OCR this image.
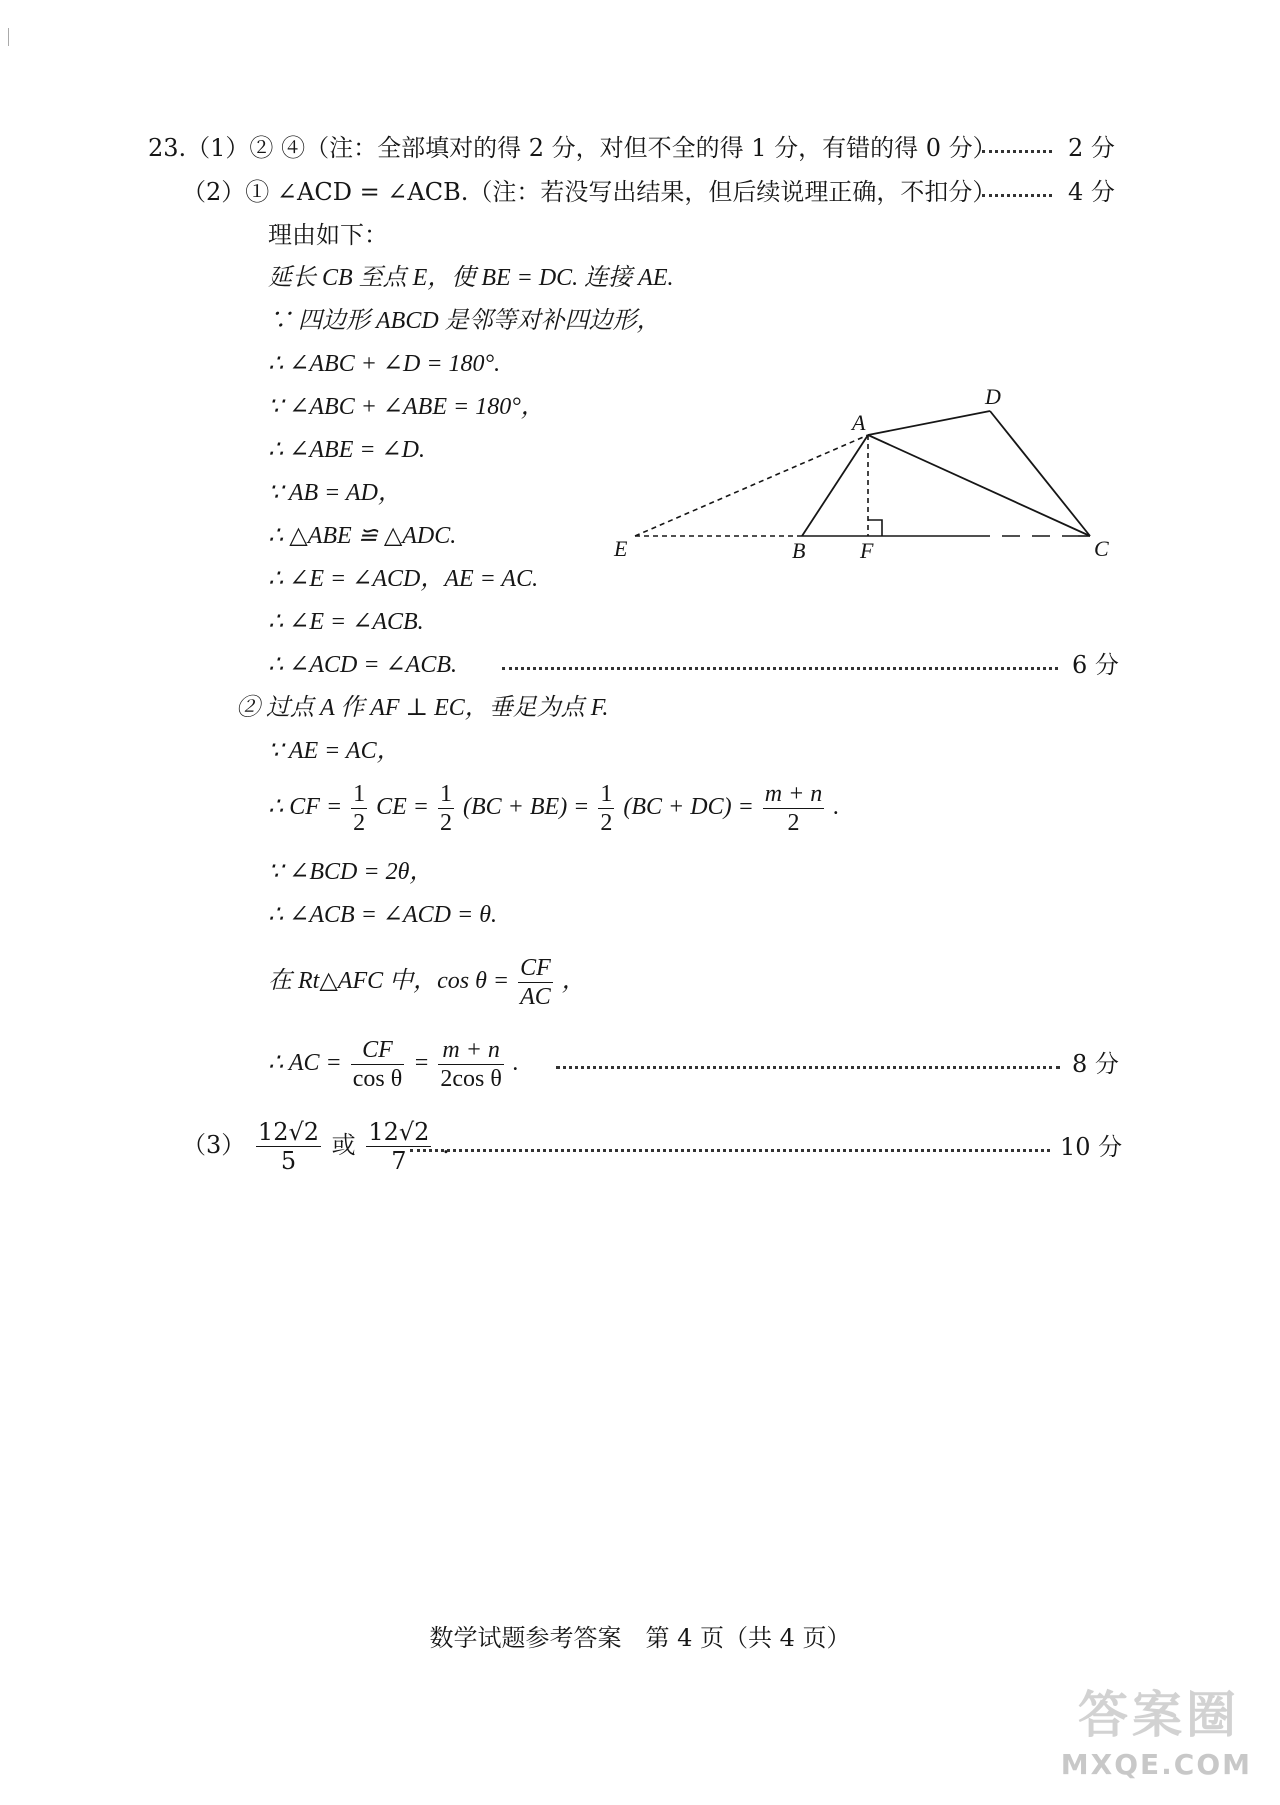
23.（1）② ④（注：全部填对的得 2 分，对但不全的得 1 分，有错的得 0 分）	2 分
（2）① ∠ACD = ∠ACB.（注：若没写出结果，但后续说理正确，不扣分）	4 分
理由如下：
延长 CB 至点 E，使 BE = DC. 连接 AE.
∵ 四边形 ABCD 是邻等对补四边形，
∴ ∠ABC + ∠D = 180°.
∵ ∠ABC + ∠ABE = 180°，
∴ ∠ABE = ∠D.
∵ AB = AD，
∴ △ABE ≌ △ADC.
∴ ∠E = ∠ACD，AE = AC.
∴ ∠E = ∠ACB.
∴ ∠ACD = ∠ACB.	6 分
A
D
E	B F	C
② 过点 A 作 AF ⊥ EC，垂足为点 F.
∵ AE = AC，
∴ CF = $\frac{1}{2}$ CE = $\frac{1}{2} (BC + BE) = \frac{1}{2} (BC + DC) = \frac{m + n}{2}$ .
∵ ∠BCD = 2θ，
∴ ∠ACB = ∠ACD = θ.
在 Rt△AFC 中，$\cos \theta = \frac{CF}{AC}$ ，
∴ AC = $\frac{CF}{\text{cos θ}} = \frac{m + n}{\text{2cos θ}}$ .	8 分
$(3) \frac{12√2}{5}$ 或 $\frac{12√2}{7}$ .	10 分
数学试题参考答案　第 4 页（共 4 页）
答案圈
MXQE.COM
